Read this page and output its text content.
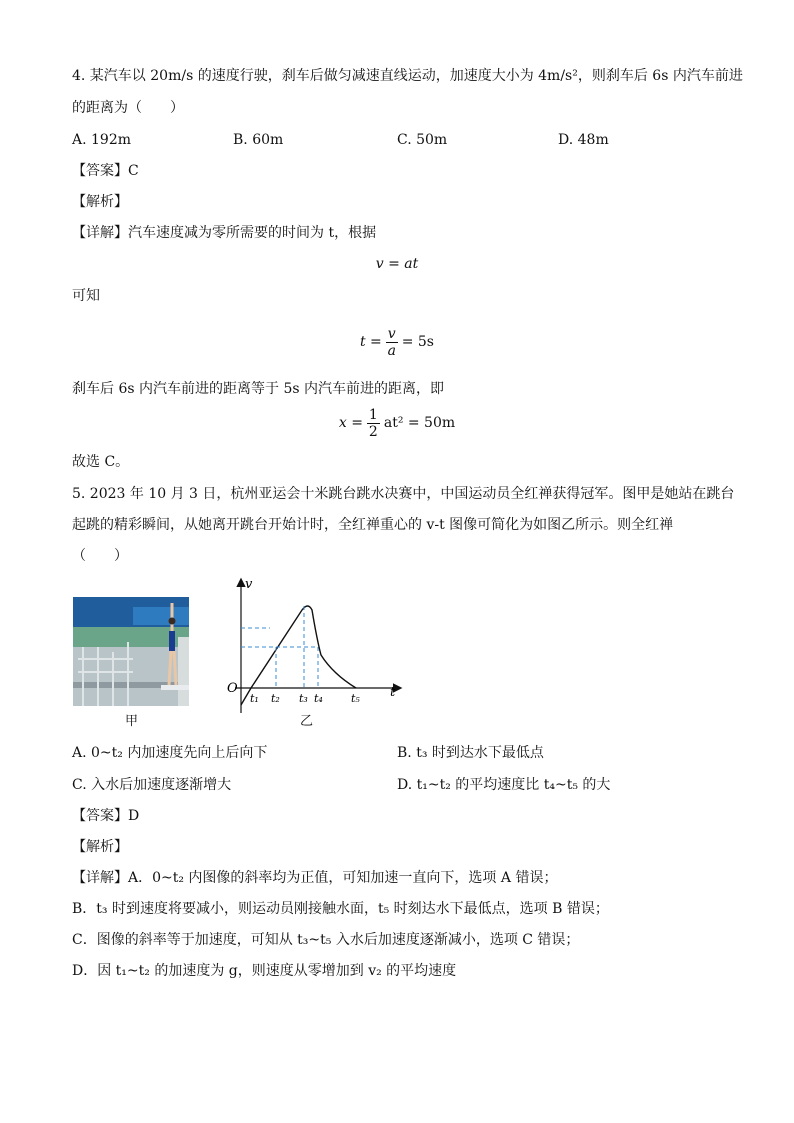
4. 某汽车以 20m/s 的速度行驶，刹车后做匀减速直线运动，加速度大小为 4m/s²，则刹车后 6s 内汽车前进
的距离为（　　）
A. 192m	B. 60m	C. 50m	D. 48m
【答案】C
【解析】
【详解】汽车速度减为零所需要的时间为 t，根据
v = at
可知
$t = \frac{v}{a} = 5s$
刹车后 6s 内汽车前进的距离等于 5s 内汽车前进的距离，即
$x = \frac{1}{2} at^2 = 50m$
故选 C。
5. 2023 年 10 月 3 日，杭州亚运会十米跳台跳水决赛中，中国运动员全红禅获得冠军。图甲是她站在跳台
起跳的精彩瞬间，从她离开跳台开始计时，全红禅重心的 v-t 图像可简化为如图乙所示。则全红禅
（　　）
甲
v
t
O
t₁ t₂ t₃ t₄	t₅
乙
A. 0~t₂ 内加速度先向上后向下	B. t₃ 时到达水下最低点
C. 入水后加速度逐渐增大	D. t₁~t₂ 的平均速度比 t₄~t₅ 的大
【答案】D
【解析】
【详解】A．0~t₂ 内图像的斜率均为正值，可知加速一直向下，选项 A 错误；
B．t₃ 时到速度将要减小，则运动员刚接触水面，t₅ 时刻达水下最低点，选项 B 错误；
C．图像的斜率等于加速度，可知从 t₃~t₅ 入水后加速度逐渐减小，选项 C 错误；
D．因 t₁~t₂ 的加速度为 g，则速度从零增加到 v₂ 的平均速度
